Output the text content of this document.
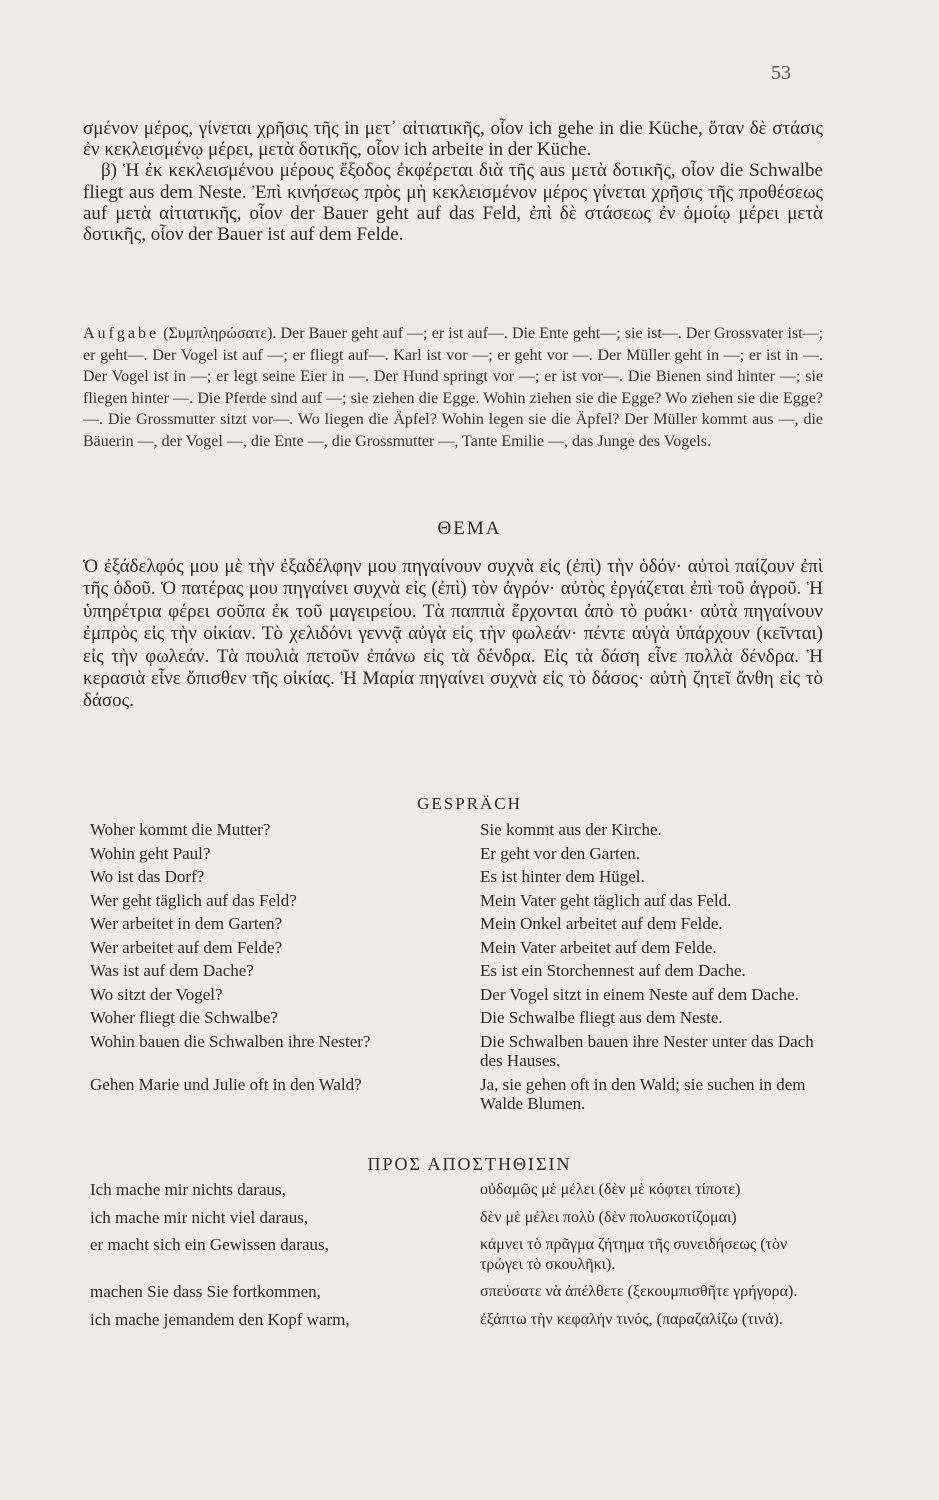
53

σμένον μέρος, γίνεται χρῆσις τῆς in μετ᾽ αἰτιατικῆς, οἷον ich gehe in die Küche, ὅταν δὲ στάσις ἐν κεκλεισμένῳ μέρει, μετὰ δοτικῆς, οἷον ich arbeite in der Küche.

β) Ἡ ἐκ κεκλεισμένου μέρους ἔξοδος ἐκφέρεται διὰ τῆς aus μετὰ δοτικῆς, οἷον die Schwalbe fliegt aus dem Neste. Ἐπὶ κινήσεως πρὸς μὴ κεκλεισμένον μέρος γίνεται χρῆσις τῆς προθέσεως auf μετὰ αἰτιατικῆς, οἷον der Bauer geht auf das Feld, ἐπὶ δὲ στάσεως ἐν ὁμοίῳ μέρει μετὰ δοτικῆς, οἷον der Bauer ist auf dem Felde.

Aufgabe (Συμπληρώσατε). Der Bauer geht auf —; er ist auf—. Die Ente geht—; sie ist—. Der Grossvater ist—; er geht—. Der Vogel ist auf —; er fliegt auf—. Karl ist vor —; er geht vor —. Der Müller geht in —; er ist in —. Der Vogel ist in —; er legt seine Eier in —. Der Hund springt vor —; er ist vor—. Die Bienen sind hinter —; sie fliegen hinter —. Die Pferde sind auf —; sie ziehen die Egge. Wohin ziehen sie die Egge? Wo ziehen sie die Egge?—. Die Grossmutter sitzt vor—. Wo liegen die Äpfel? Wohin legen sie die Äpfel? Der Müller kommt aus —, die Bäuerin —, der Vogel —, die Ente —, die Grossmutter —, Tante Emilie —, das Junge des Vogels.
ΘΕΜΑ
Ὁ ἐξάδελφός μου μὲ τὴν ἐξαδέλφην μου πηγαίνουν συχνὰ εἰς (ἐπὶ) τὴν ὁδόν· αὐτοὶ παίζουν ἐπὶ τῆς ὁδοῦ. Ὁ πατέρας μου πηγαίνει συχνὰ εἰς (ἐπὶ) τὸν ἀγρόν· αὐτὸς ἐργάζεται ἐπὶ τοῦ ἀγροῦ. Ἡ ὑπηρέτρια φέρει σοῦπα ἐκ τοῦ μαγειρείου. Τὰ παππιὰ ἔρχονται ἀπὸ τὸ ρυάκι· αὐτὰ πηγαίνουν ἐμπρὸς εἰς τὴν οἰκίαν. Τὸ χελιδόνι γεννᾷ αὐγὰ εἰς τὴν φωλεάν· πέντε αὐγὰ ὑπάρχουν (κεῖνται) εἰς τὴν φωλεάν. Τὰ πουλιὰ πετοῦν ἐπάνω εἰς τὰ δένδρα. Εἰς τὰ δάση εἶνε πολλὰ δένδρα. Ἡ κερασιὰ εἶνε ὄπισθεν τῆς οἰκίας. Ἡ Μαρία πηγαίνει συχνὰ εἰς τὸ δάσος· αὐτὴ ζητεῖ ἄνθη εἰς τὸ δάσος.
GESPRÄCH
Woher kommt die Mutter?	Sie kommt aus der Kirche.
Wohin geht Paul?	Er geht vor den Garten.
Wo ist das Dorf?	Es ist hinter dem Hügel.
Wer geht täglich auf das Feld?	Mein Vater geht täglich auf das Feld.
Wer arbeitet in dem Garten?	Mein Onkel arbeitet auf dem Felde.
Wer arbeitet auf dem Felde?	Mein Vater arbeitet auf dem Felde.
Was ist auf dem Dache?	Es ist ein Storchennest auf dem Dache.
Wo sitzt der Vogel?	Der Vogel sitzt in einem Neste auf dem Dache.
Woher fliegt die Schwalbe?	Die Schwalbe fliegt aus dem Neste.
Wohin bauen die Schwalben ihre Nester?	Die Schwalben bauen ihre Nester unter das Dach des Hauses.
Gehen Marie und Julie oft in den Wald?	Ja, sie gehen oft in den Wald; sie suchen in dem Walde Blumen.
ΠΡΟΣ ΑΠΟΣΤΗΘΙΣΙΝ
Ich mache mir nichts daraus,	οὐδαμῶς μὲ μέλει (δὲν μὲ κόφτει τίποτε)
ich mache mir nicht viel daraus,	δὲν μὲ μέλει πολὺ (δὲν πολυσκοτίζομαι)
er macht sich ein Gewissen daraus,	κάμνει τὸ πρᾶγμα ζήτημα τῆς συνειδήσεως (τὸν τρώγει τὸ σκουλῆκι).
machen Sie dass Sie fortkommen,	σπεύσατε νὰ ἀπέλθετε (ξεκουμπισθῆτε γρήγορα).
ich mache jemandem den Kopf warm,	ἐξάπτω τὴν κεφαλήν τινός, (παραζαλίζω (τινά).
